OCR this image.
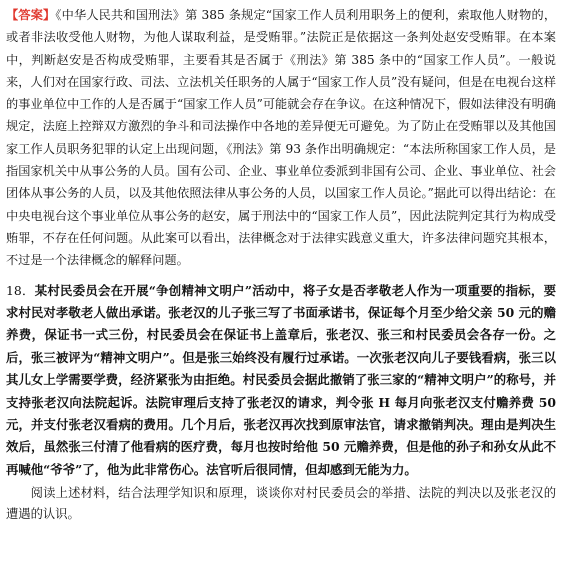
【答案】《中华人民共和国刑法》第 385 条规定“国家工作人员利用职务上的便利，索取他人财物的，或者非法收受他人财物，为他人谋取利益，是受贿罪。”法院正是依据这一条判处赵安受贿罪。在本案中，判断赵安是否构成受贿罪，主要看其是否属于《刑法》第 385 条中的“国家工作人员”。一般说来，人们对在国家行政、司法、立法机关任职务的人属于“国家工作人员”没有疑问，但是在电视台这样的事业单位中工作的人是否属于“国家工作人员”可能就会存在争议。在这种情况下，假如法律没有明确规定，法庭上控辩双方激烈的争斗和司法操作中各地的差异便无可避免。为了防止在受贿罪以及其他国家工作人员职务犯罪的认定上出现问题，《刑法》第 93 条作出明确规定：“本法所称国家工作人员，是指国家机关中从事公务的人员。国有公司、企业、事业单位委派到非国有公司、企业、事业单位、社会团体从事公务的人员，以及其他依照法律从事公务的人员，以国家工作人员论。”据此可以得出结论：在中央电视台这个事业单位从事公务的赵安，属于刑法中的“国家工作人员”，因此法院判定其行为构成受贿罪，不存在任何问题。从此案可以看出，法律概念对于法律实践意义重大，许多法律问题究其根本，不过是一个法律概念的解释问题。

18．某村民委员会在开展“争创精神文明户”活动中，将子女是否孝敬老人作为一项重要的指标，要求村民对孝敬老人做出承诺。张老汉的儿子张三写了书面承诺书，保证每个月至少给父亲 50 元的赡养费，保证书一式三份，村民委员会在保证书上盖章后，张老汉、张三和村民委员会各存一份。之后，张三被评为“精神文明户”。但是张三始终没有履行过承诺。一次张老汉向儿子要钱看病，张三以其儿女上学需要学费，经济紧张为由拒绝。村民委员会据此撤销了张三家的“精神文明户”的称号，并支持张老汉向法院起诉。法院审理后支持了张老汉的请求，判令张 H 每月向张老汉支付赡养费 50 元，并支付张老汉看病的费用。几个月后，张老汉再次找到原审法官，请求撤销判决。理由是判决生效后，虽然张三付清了他看病的医疗费，每月也按时给他 50 元赡养费，但是他的孙子和孙女从此不再喊他“爷爷”了，他为此非常伤心。法官听后很同情，但却感到无能为力。
阅读上述材料，结合法理学知识和原理，谈谈你对村民委员会的举措、法院的判决以及张老汉的遭遇的认识。
